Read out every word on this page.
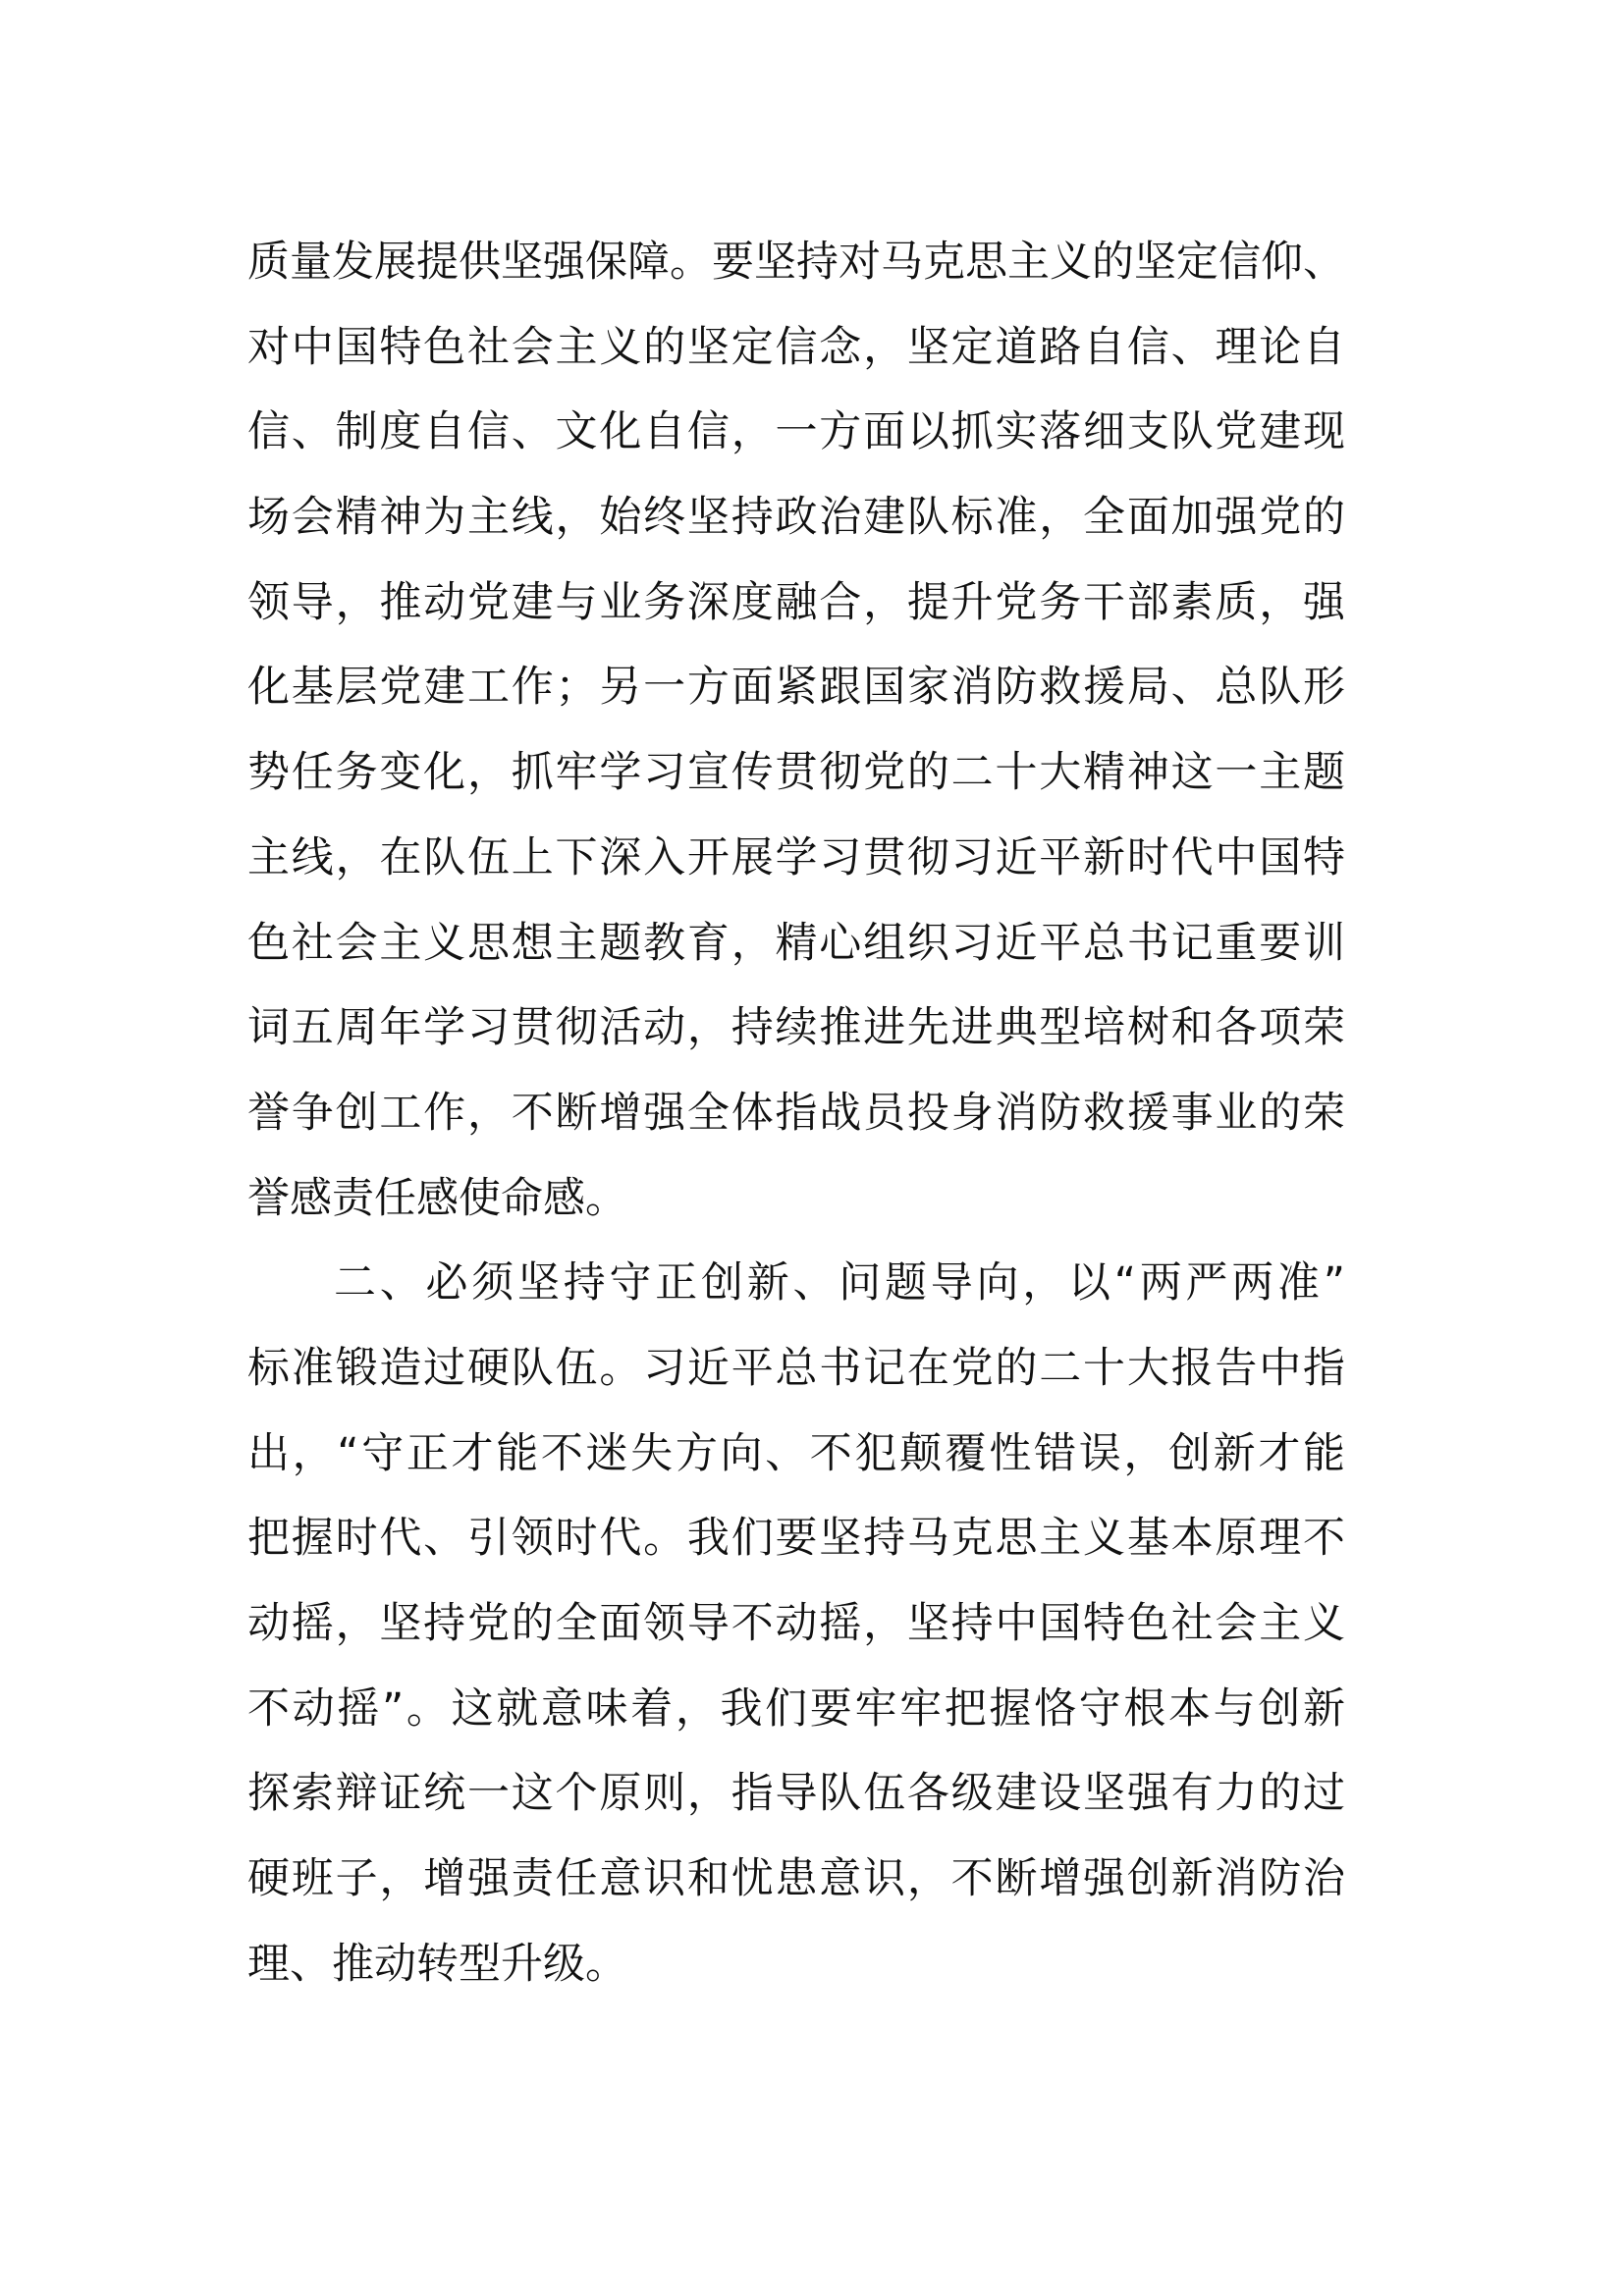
质量发展提供坚强保障。要坚持对马克思主义的坚定信仰、
对中国特色社会主义的坚定信念，坚定道路自信、理论自
信、制度自信、文化自信，一方面以抓实落细支队党建现
场会精神为主线，始终坚持政治建队标准，全面加强党的
领导，推动党建与业务深度融合，提升党务干部素质，强
化基层党建工作；另一方面紧跟国家消防救援局、总队形
势任务变化，抓牢学习宣传贯彻党的二十大精神这一主题
主线，在队伍上下深入开展学习贯彻习近平新时代中国特
色社会主义思想主题教育，精心组织习近平总书记重要训
词五周年学习贯彻活动，持续推进先进典型培树和各项荣
誉争创工作，不断增强全体指战员投身消防救援事业的荣
誉感责任感使命感。
二、必须坚持守正创新、问题导向，以“两严两准”
标准锻造过硬队伍。习近平总书记在党的二十大报告中指
出，“守正才能不迷失方向、不犯颠覆性错误，创新才能
把握时代、引领时代。我们要坚持马克思主义基本原理不
动摇，坚持党的全面领导不动摇，坚持中国特色社会主义
不动摇”。这就意味着，我们要牢牢把握恪守根本与创新
探索辩证统一这个原则，指导队伍各级建设坚强有力的过
硬班子，增强责任意识和忧患意识，不断增强创新消防治
理、推动转型升级。
